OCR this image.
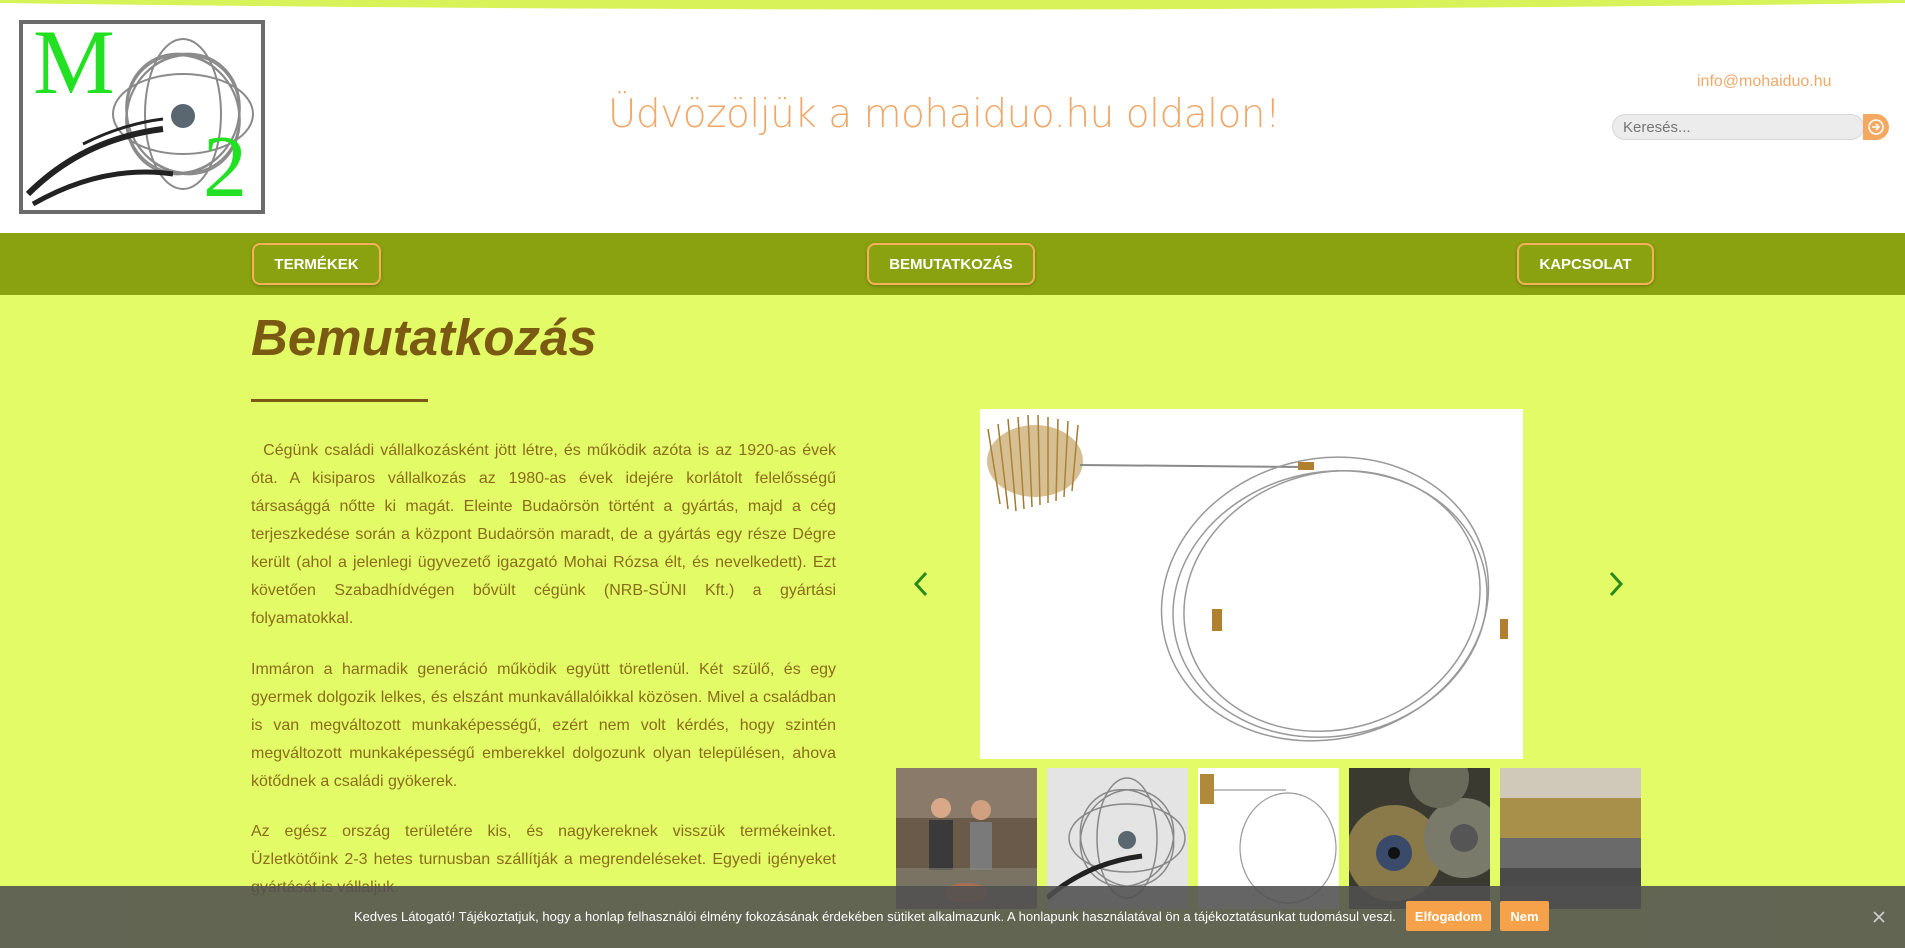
M
2
Üdvözöljük a mohaiduo.hu oldalon!
info@mohaiduo.hu
Keresés...
TERMÉKEK	BEMUTATKOZÁS	KAPCSOLAT
Bemutatkozás

Cégünk családi vállalkozásként jött létre, és működik azóta is az 1920-as évek óta. A kisiparos vállalkozás az 1980-as évek idejére korlátolt felelősségű társasággá nőtte ki magát. Eleinte Budaörsön történt a gyártás, majd a cég terjeszkedése során a központ Budaörsön maradt, de a gyártás egy része Dégre került (ahol a jelenlegi ügyvezető igazgató Mohai Rózsa élt, és nevelkedett). Ezt követően Szabadhídvégen bővült cégünk (NRB-SÜNI Kft.) a gyártási folyamatokkal.

Immáron a harmadik generáció működik együtt töretlenül. Két szülő, és egy gyermek dolgozik lelkes, és elszánt munkavállalóikkal közösen. Mivel a családban is van megváltozott munkaképességű, ezért nem volt kérdés, hogy szintén megváltozott munkaképességű emberekkel dolgozunk olyan településen, ahova kötődnek a családi gyökerek.

Az egész ország területére kis, és nagykereknek visszük termékeinket. Üzletkötőink 2-3 hetes turnusban szállítják a megrendeléseket. Egyedi igényeket

Kedves Látogató! Tájékoztatjuk, hogy a honlap felhasználói élmény fokozásának érdekében sütiket alkalmazunk. A honlapunk használatával ön a tájékoztatásunkat tudomásul veszi.	Elfogadom	Nem
